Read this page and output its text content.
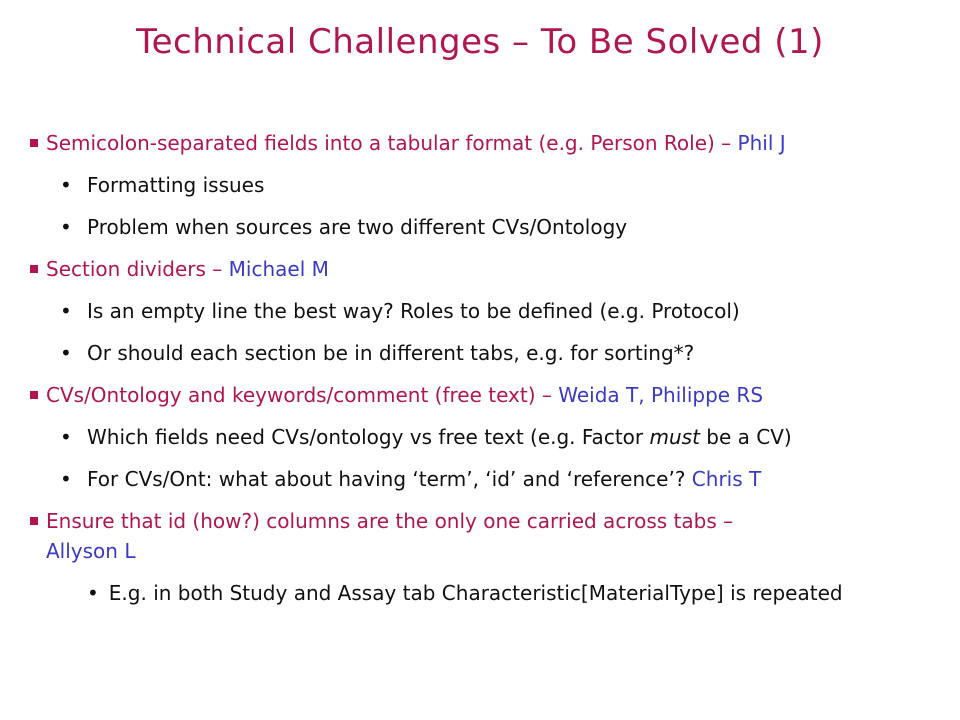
Technical Challenges – To Be Solved (1)
Semicolon-separated fields into a tabular format (e.g. Person Role) – Phil J
• Formatting issues
• Problem when sources are two different CVs/Ontology
Section dividers – Michael M
• Is an empty line the best way? Roles to be defined (e.g. Protocol)
• Or should each section be in different tabs, e.g. for sorting*?
CVs/Ontology and keywords/comment (free text) – Weida T, Philippe RS
• Which fields need CVs/ontology vs free text (e.g. Factor must be a CV)
• For CVs/Ont: what about having ‘term’, ‘id’ and ‘reference’? Chris T
Ensure that id (how?) columns are the only one carried across tabs –
Allyson L
• E.g. in both Study and Assay tab Characteristic[MaterialType] is repeated
